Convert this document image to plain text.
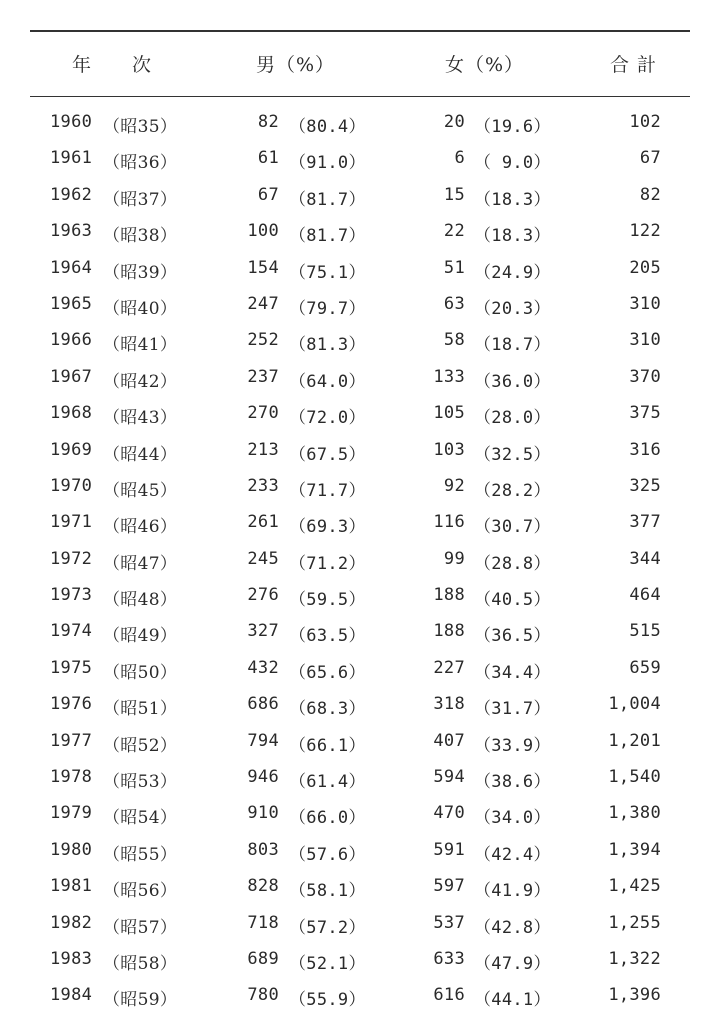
年 次	男（%）	女（%）	合計
1960 （昭35）	82 （80.4）	20 （19.6）	102
1961 （昭36）	61 （91.0）	6 （ 9.0）	67
1962 （昭37）	67 （81.7）	15 （18.3）	82
1963 （昭38）	100 （81.7）	22 （18.3）	122
1964 （昭39）	154 （75.1）	51 （24.9）	205
1965 （昭40）	247 （79.7）	63 （20.3）	310
1966 （昭41）	252 （81.3）	58 （18.7）	310
1967 （昭42）	237 （64.0）	133 （36.0）	370
1968 （昭43）	270 （72.0）	105 （28.0）	375
1969 （昭44）	213 （67.5）	103 （32.5）	316
1970 （昭45）	233 （71.7）	92 （28.2）	325
1971 （昭46）	261 （69.3）	116 （30.7）	377
1972 （昭47）	245 （71.2）	99 （28.8）	344
1973 （昭48）	276 （59.5）	188 （40.5）	464
1974 （昭49）	327 （63.5）	188 （36.5）	515
1975 （昭50）	432 （65.6）	227 （34.4）	659
1976 （昭51）	686 （68.3）	318 （31.7）	1,004
1977 （昭52）	794 （66.1）	407 （33.9）	1,201
1978 （昭53）	946 （61.4）	594 （38.6）	1,540
1979 （昭54）	910 （66.0）	470 （34.0）	1,380
1980 （昭55）	803 （57.6）	591 （42.4）	1,394
1981 （昭56）	828 （58.1）	597 （41.9）	1,425
1982 （昭57）	718 （57.2）	537 （42.8）	1,255
1983 （昭58）	689 （52.1）	633 （47.9）	1,322
1984 （昭59）	780 （55.9）	616 （44.1）	1,396
